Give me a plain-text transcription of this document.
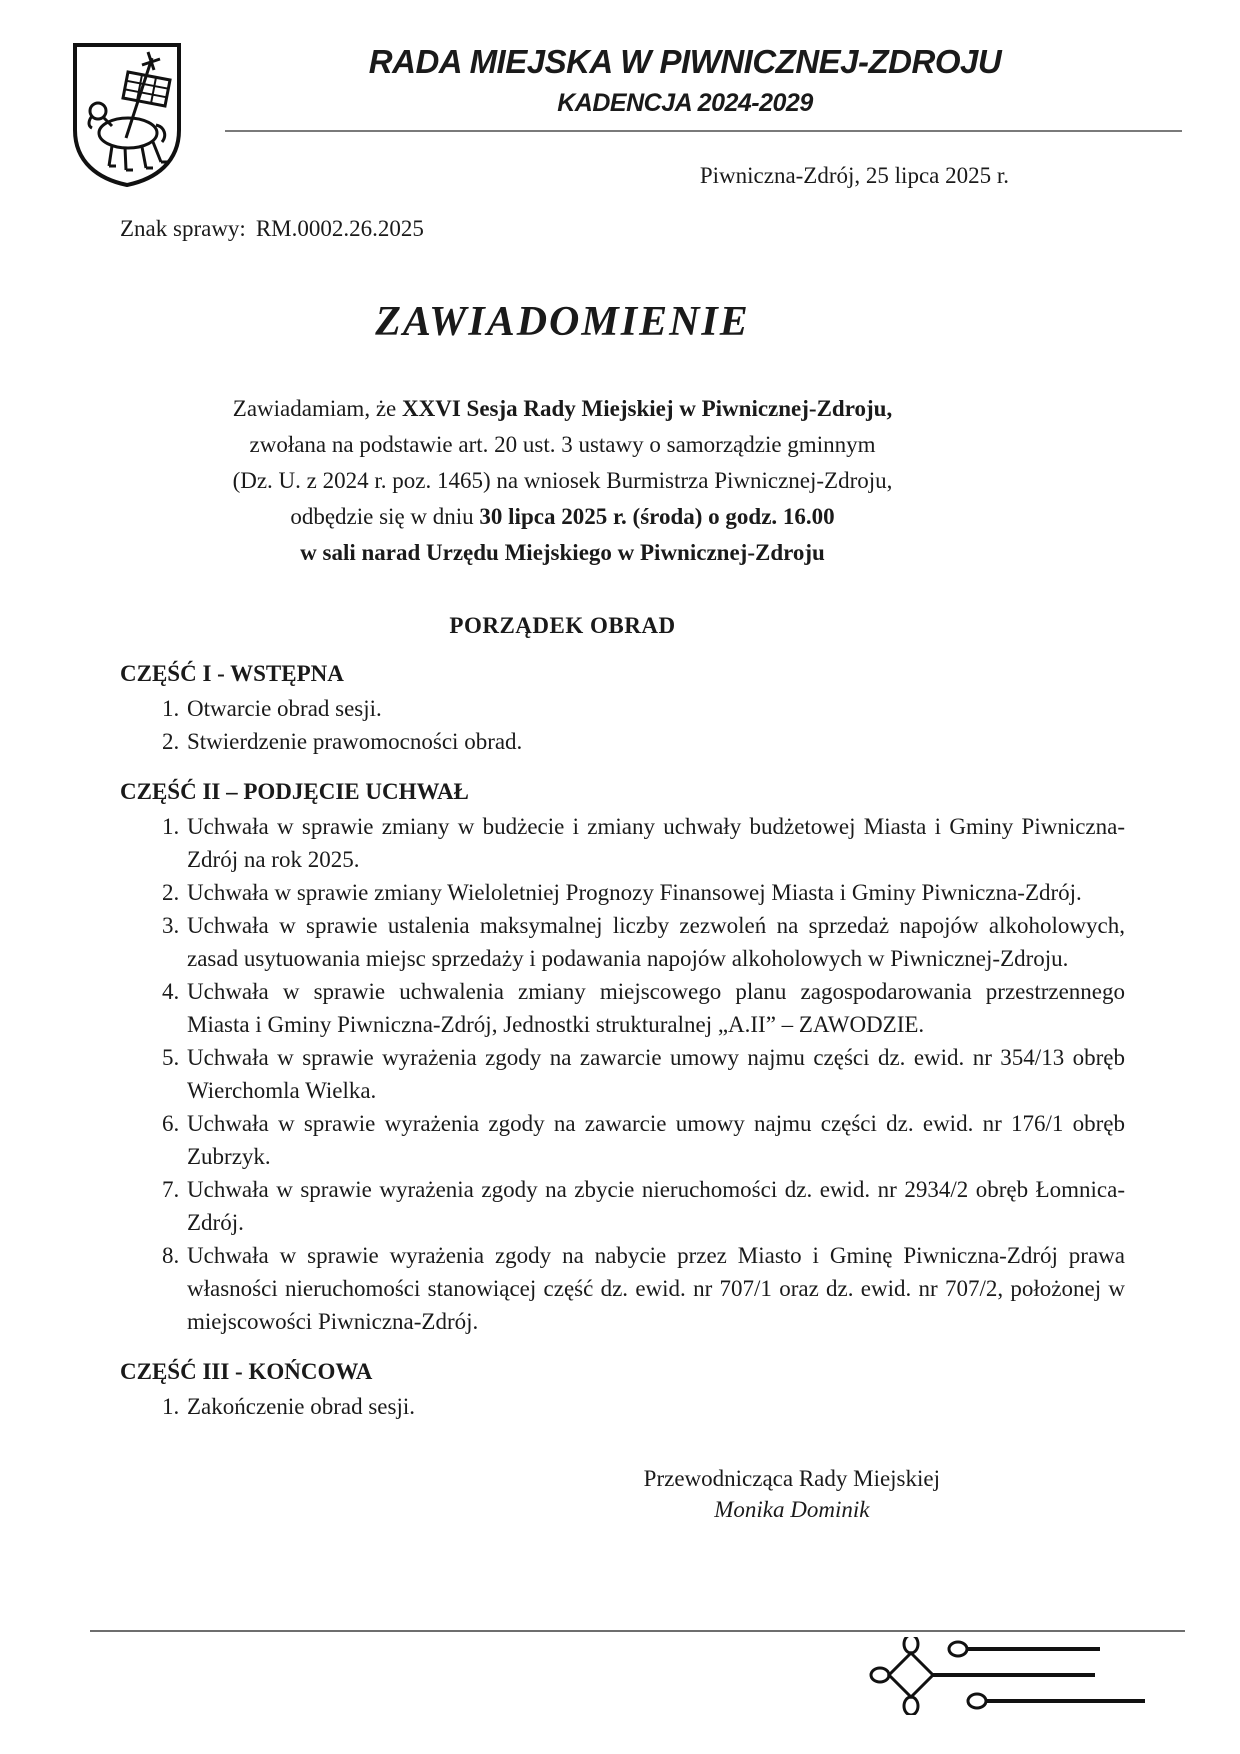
RADA MIEJSKA W PIWNICZNEJ-ZDROJU
KADENCJA 2024-2029
Piwniczna-Zdrój, 25 lipca 2025 r.
Znak sprawy: RM.0002.26.2025
ZAWIADOMIENIE
Zawiadamiam, że XXVI Sesja Rady Miejskiej w Piwnicznej-Zdroju,
zwołana na podstawie art. 20 ust. 3 ustawy o samorządzie gminnym
(Dz. U. z 2024 r. poz. 1465) na wniosek Burmistrza Piwnicznej-Zdroju,
odbędzie się w dniu 30 lipca 2025 r. (środa) o godz. 16.00
w sali narad Urzędu Miejskiego w Piwnicznej-Zdroju
PORZĄDEK OBRAD
CZĘŚĆ I - WSTĘPNA
1. Otwarcie obrad sesji.
2. Stwierdzenie prawomocności obrad.
CZĘŚĆ II – PODJĘCIE UCHWAŁ
1. Uchwała w sprawie zmiany w budżecie i zmiany uchwały budżetowej Miasta i Gminy Piwniczna-Zdrój na rok 2025.
2. Uchwała w sprawie zmiany Wieloletniej Prognozy Finansowej Miasta i Gminy Piwniczna-Zdrój.
3. Uchwała w sprawie ustalenia maksymalnej liczby zezwoleń na sprzedaż napojów alkoholowych, zasad usytuowania miejsc sprzedaży i podawania napojów alkoholowych w Piwnicznej-Zdroju.
4. Uchwała w sprawie uchwalenia zmiany miejscowego planu zagospodarowania przestrzennego Miasta i Gminy Piwniczna-Zdrój, Jednostki strukturalnej „A.II” – ZAWODZIE.
5. Uchwała w sprawie wyrażenia zgody na zawarcie umowy najmu części dz. ewid. nr 354/13 obręb Wierchomla Wielka.
6. Uchwała w sprawie wyrażenia zgody na zawarcie umowy najmu części dz. ewid. nr 176/1 obręb Zubrzyk.
7. Uchwała w sprawie wyrażenia zgody na zbycie nieruchomości dz. ewid. nr 2934/2 obręb Łomnica-Zdrój.
8. Uchwała w sprawie wyrażenia zgody na nabycie przez Miasto i Gminę Piwniczna-Zdrój prawa własności nieruchomości stanowiącej część dz. ewid. nr 707/1 oraz dz. ewid. nr 707/2, położonej w miejscowości Piwniczna-Zdrój.
CZĘŚĆ III - KOŃCOWA
1. Zakończenie obrad sesji.
Przewodnicząca Rady Miejskiej
Monika Dominik
